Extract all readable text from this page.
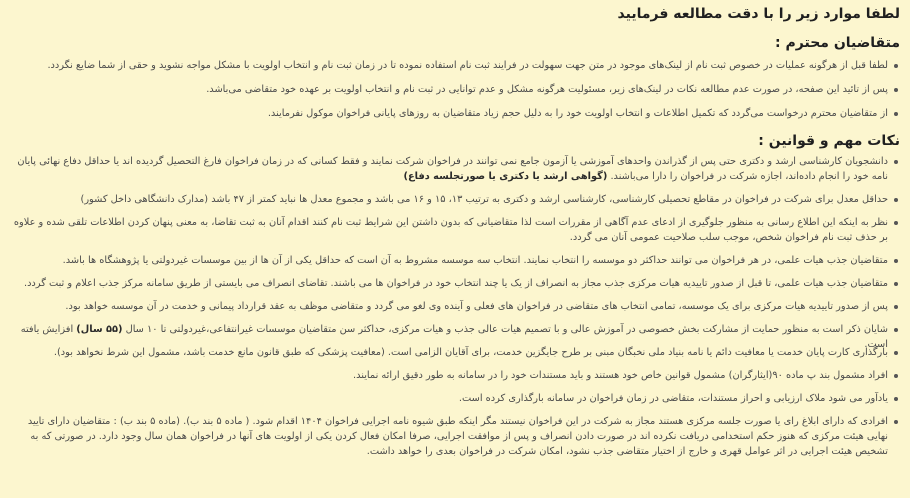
لطفا موارد زیر را با دقت مطالعه فرمایید
متقاضیان محترم :
لطفا قبل از هرگونه عملیات در خصوص ثبت نام از لینک‌های موجود در متن جهت سهولت در فرایند ثبت نام استفاده نموده تا در زمان ثبت نام و انتخاب اولویت با مشکل مواجه نشوید و حقی از شما ضایع نگردد.
پس از تائید این صفحه، در صورت عدم مطالعه نکات در لینک‌های زیر، مسئولیت هرگونه مشکل و عدم توانایی در ثبت نام و انتخاب اولویت بر عهده خود متقاضی می‌باشد.
از متقاضیان محترم درخواست می‌گردد که تکمیل اطلاعات و انتخاب اولویت خود را به دلیل حجم زیاد متقاضیان به روزهای پایانی فراخوان موکول نفرمایند.
نکات مهم و قوانین :
دانشجویان کارشناسی ارشد و دکتری حتی پس از گذراندن واحدهای آموزشی یا آزمون جامع نمی توانند در فراخوان شرکت نمایند و فقط کسانی که در زمان فراخوان فارغ التحصیل گردیده اند یا حداقل دفاع نهائی پایان نامه خود را انجام داده‌اند، اجازه شرکت در فراخوان را دارا می‌باشند. (گواهی ارشد یا دکتری یا صورتجلسه دفاع)
حداقل معدل برای شرکت در فراخوان در مقاطع تحصیلی کارشناسی، کارشناسی ارشد و دکتری به ترتیب ۱۳، ۱۵ و ۱۶ می باشد و مجموع معدل ها نباید کمتر از ۴۷ باشد (مدارک دانشگاهی داخل کشور)
نظر به اینکه این اطلاع رسانی به منظور جلوگیری از ادعای عدم آگاهی از مقررات است لذا متقاضیانی که بدون داشتن این شرایط ثبت نام کنند اقدام آنان به ثبت تقاضا، به معنی پنهان کردن اطلاعات تلقی شده و علاوه بر حذف ثبت نام فراخوان شخص، موجب سلب صلاحیت عمومی آنان می گردد.
متقاضیان جذب هیات علمی، در هر فراخوان می توانند حداکثر دو موسسه را انتخاب نمایند. انتخاب سه موسسه مشروط به آن است که حداقل یکی از آن ها از بین موسسات غیردولتی یا پژوهشگاه ها باشد.
متقاضیان جذب هیات علمی، تا قبل از صدور تاییدیه هیات مرکزی جذب مجاز به انصراف از یک یا چند انتخاب خود در فراخوان ها می باشند. تقاضای انصراف می بایستی از طریق سامانه مرکز جذب اعلام و ثبت گردد.
پس از صدور تاییدیه هیات مرکزی برای یک موسسه، تمامی انتخاب های متقاضی در فراخوان های فعلی و آینده وی لغو می گردد و متقاضی موظف به عقد قرارداد پیمانی و خدمت در آن موسسه خواهد بود.
شایان ذکر است به منظور حمایت از مشارکت بخش خصوصی در آموزش عالی و با تصمیم هیات عالی جذب و هیات مرکزی، حداکثر سن متقاضیان موسسات غیرانتفاعی،غیردولتی تا ۱۰ سال (۵۵ سال) افزایش یافته است.
بارگذاری کارت پایان خدمت یا معافیت دائم یا نامه بنیاد ملی نخبگان مبنی بر طرح جایگزین خدمت، برای آقایان الزامی است. (معافیت پزشکی که طبق قانون مانع خدمت باشد، مشمول این شرط نخواهد بود).
افراد مشمول بند پ ماده ۹۰(ایثارگران) مشمول قوانین خاص خود هستند و باید مستندات خود را در سامانه به طور دقیق ارائه نمایند.
یادآور می شود ملاک ارزیابی و احراز مستندات، متقاضی در زمان فراخوان در سامانه بارگذاری کرده است.
افرادی که دارای ابلاغ رای یا صورت جلسه مرکزی هستند مجاز به شرکت در این فراخوان نیستند مگر اینکه طبق شیوه نامه اجرایی فراخوان ۱۴۰۴ اقدام شود. ( ماده ۵ بند ب). (ماده ۵ بند ب) : متقاضیان دارای تایید نهایی هیئت مرکزی که هنوز حکم استخدامی دریافت نکرده اند در صورت دادن انصراف و پس از موافقت اجرایی، صرفا امکان فعال کردن یکی از اولویت های آنها در فراخوان همان سال وجود دارد. در صورتی که به تشخیص هیئت اجرایی در اثر عوامل قهری و خارج از اختیار متقاضی جذب نشود، امکان شرکت در فراخوان بعدی را خواهد داشت.
